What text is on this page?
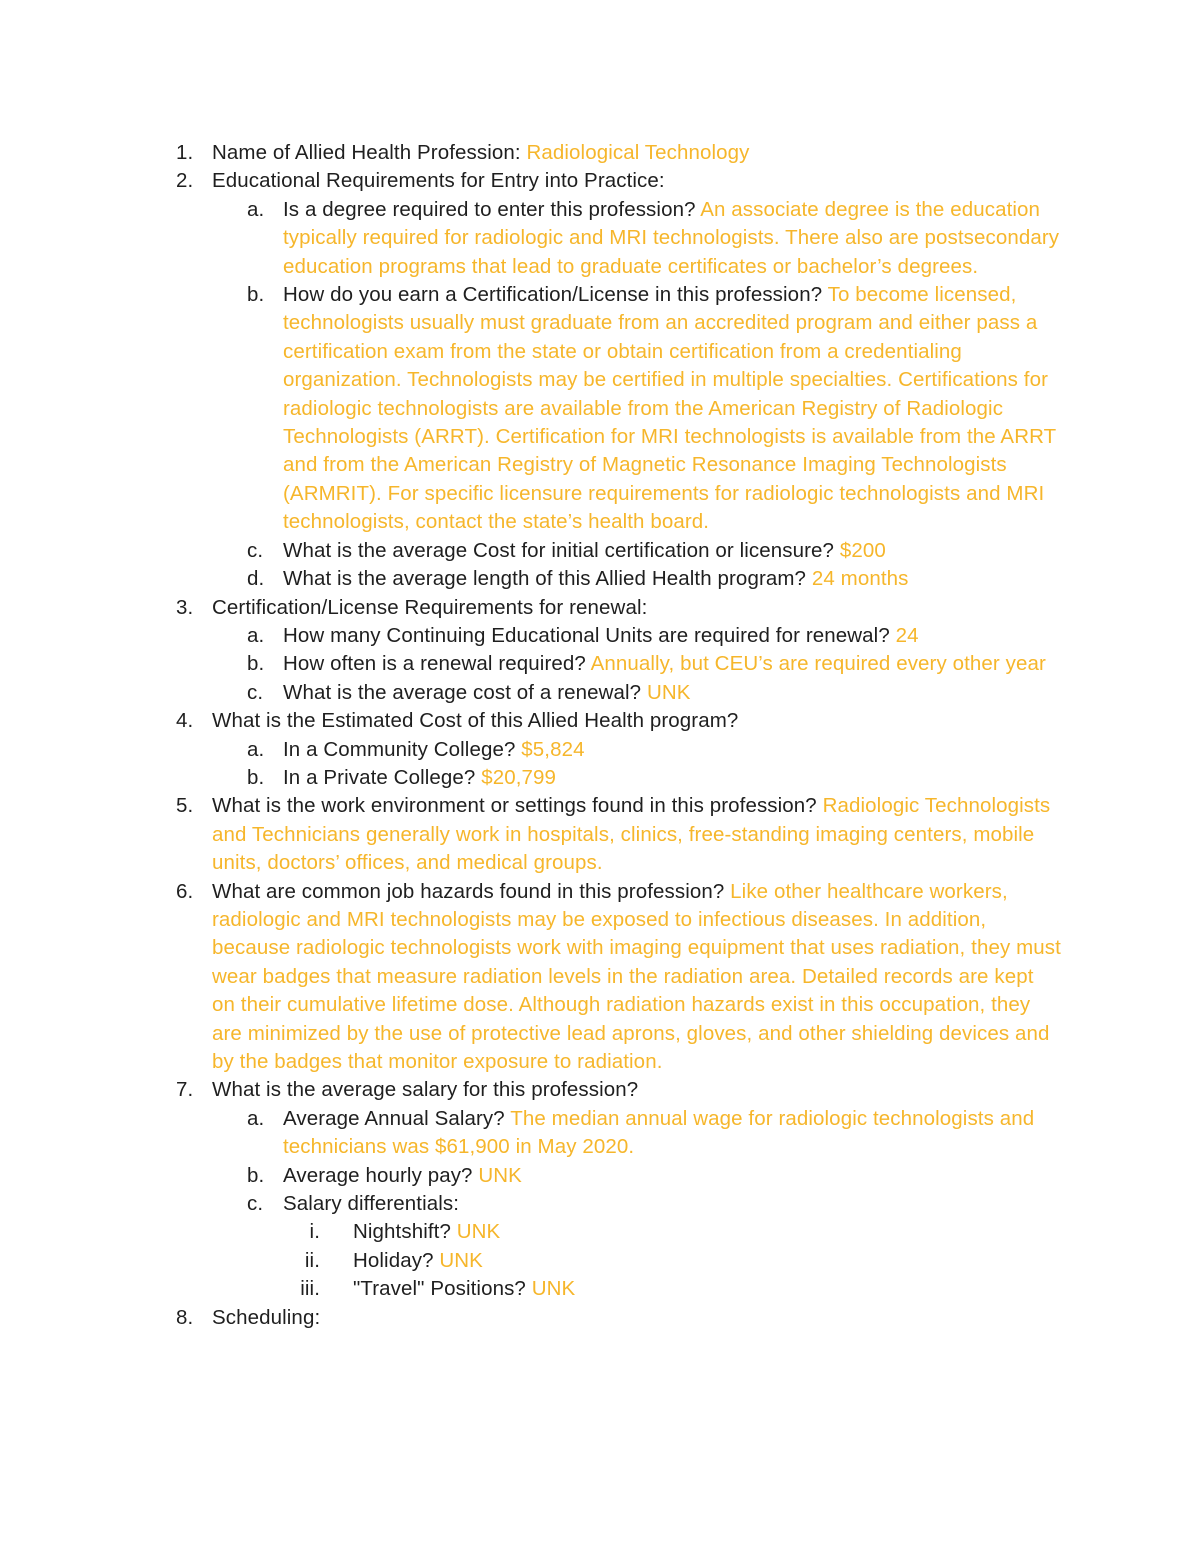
1. Name of Allied Health Profession: Radiological Technology
2. Educational Requirements for Entry into Practice:
a. Is a degree required to enter this profession? An associate degree is the education typically required for radiologic and MRI technologists. There also are postsecondary education programs that lead to graduate certificates or bachelor’s degrees.
b. How do you earn a Certification/License in this profession? To become licensed, technologists usually must graduate from an accredited program and either pass a certification exam from the state or obtain certification from a credentialing organization. Technologists may be certified in multiple specialties. Certifications for radiologic technologists are available from the American Registry of Radiologic Technologists (ARRT). Certification for MRI technologists is available from the ARRT and from the American Registry of Magnetic Resonance Imaging Technologists (ARMRIT). For specific licensure requirements for radiologic technologists and MRI technologists, contact the state’s health board.
c. What is the average Cost for initial certification or licensure? $200
d. What is the average length of this Allied Health program? 24 months
3. Certification/License Requirements for renewal:
a. How many Continuing Educational Units are required for renewal? 24
b. How often is a renewal required? Annually, but CEU’s are required every other year
c. What is the average cost of a renewal? UNK
4. What is the Estimated Cost of this Allied Health program?
a. In a Community College? $5,824
b. In a Private College? $20,799
5. What is the work environment or settings found in this profession? Radiologic Technologists and Technicians generally work in hospitals, clinics, free-standing imaging centers, mobile units, doctors’ offices, and medical groups.
6. What are common job hazards found in this profession? Like other healthcare workers, radiologic and MRI technologists may be exposed to infectious diseases. In addition, because radiologic technologists work with imaging equipment that uses radiation, they must wear badges that measure radiation levels in the radiation area. Detailed records are kept on their cumulative lifetime dose. Although radiation hazards exist in this occupation, they are minimized by the use of protective lead aprons, gloves, and other shielding devices and by the badges that monitor exposure to radiation.
7. What is the average salary for this profession?
a. Average Annual Salary? The median annual wage for radiologic technologists and technicians was $61,900 in May 2020.
b. Average hourly pay? UNK
c. Salary differentials:
i. Nightshift? UNK
ii. Holiday? UNK
iii. "Travel" Positions? UNK
8. Scheduling:
